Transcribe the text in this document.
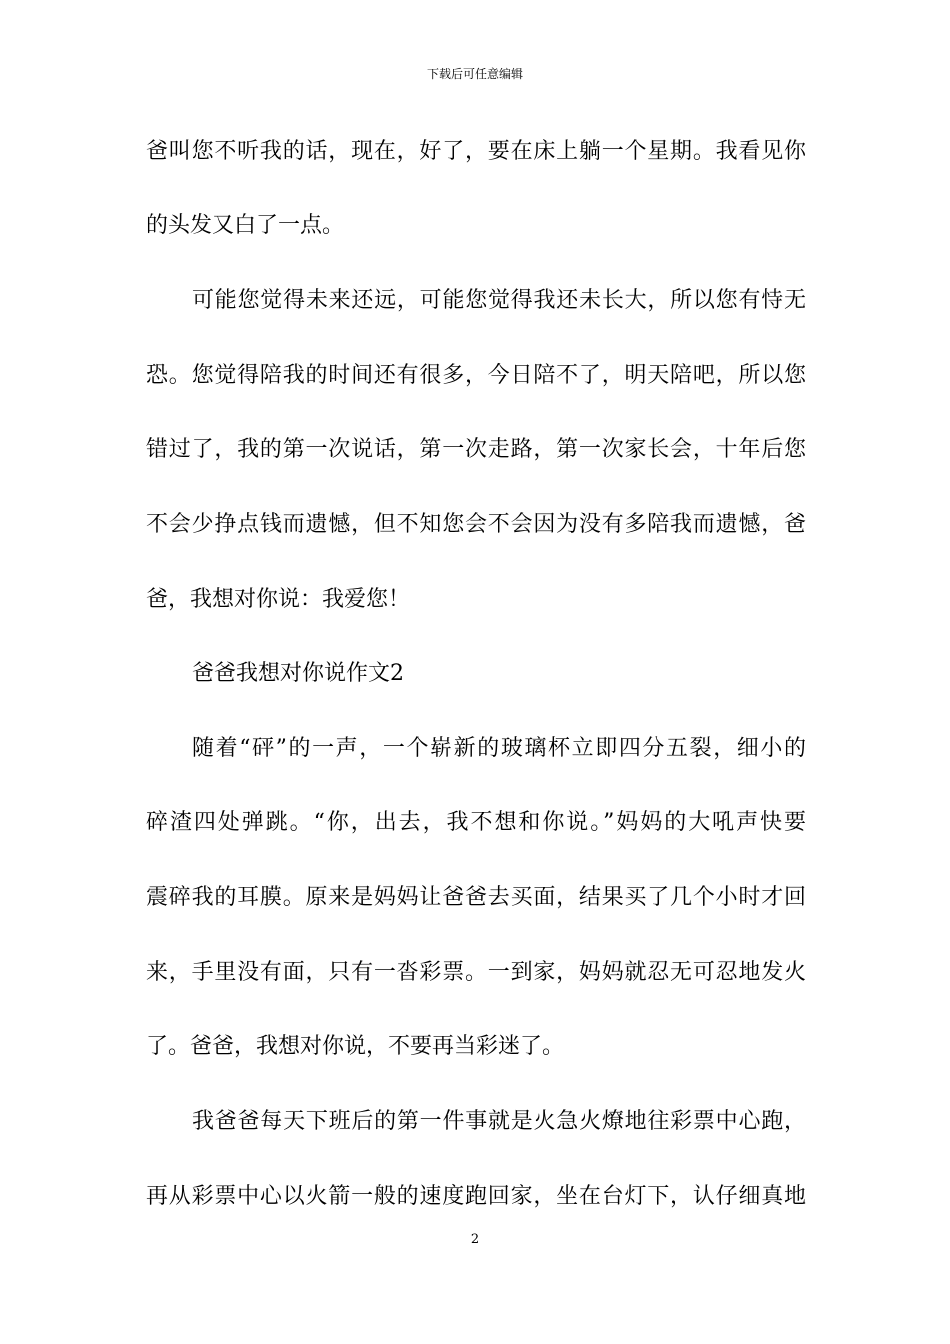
下载后可任意编辑
爸叫您不听我的话，现在，好了，要在床上躺一个星期。我看见你
的头发又白了一点。
可能您觉得未来还远，可能您觉得我还未长大，所以您有恃无
恐。您觉得陪我的时间还有很多，今日陪不了，明天陪吧，所以您
错过了，我的第一次说话，第一次走路，第一次家长会，十年后您
不会少挣点钱而遗憾，但不知您会不会因为没有多陪我而遗憾，爸
爸，我想对你说：我爱您！
爸爸我想对你说作文2
随着“砰”的一声，一个崭新的玻璃杯立即四分五裂，细小的
碎渣四处弹跳。“你，出去，我不想和你说。”妈妈的大吼声快要
震碎我的耳膜。原来是妈妈让爸爸去买面，结果买了几个小时才回
来，手里没有面，只有一沓彩票。一到家，妈妈就忍无可忍地发火
了。爸爸，我想对你说，不要再当彩迷了。
我爸爸每天下班后的第一件事就是火急火燎地往彩票中心跑，
再从彩票中心以火箭一般的速度跑回家，坐在台灯下，认仔细真地
2
